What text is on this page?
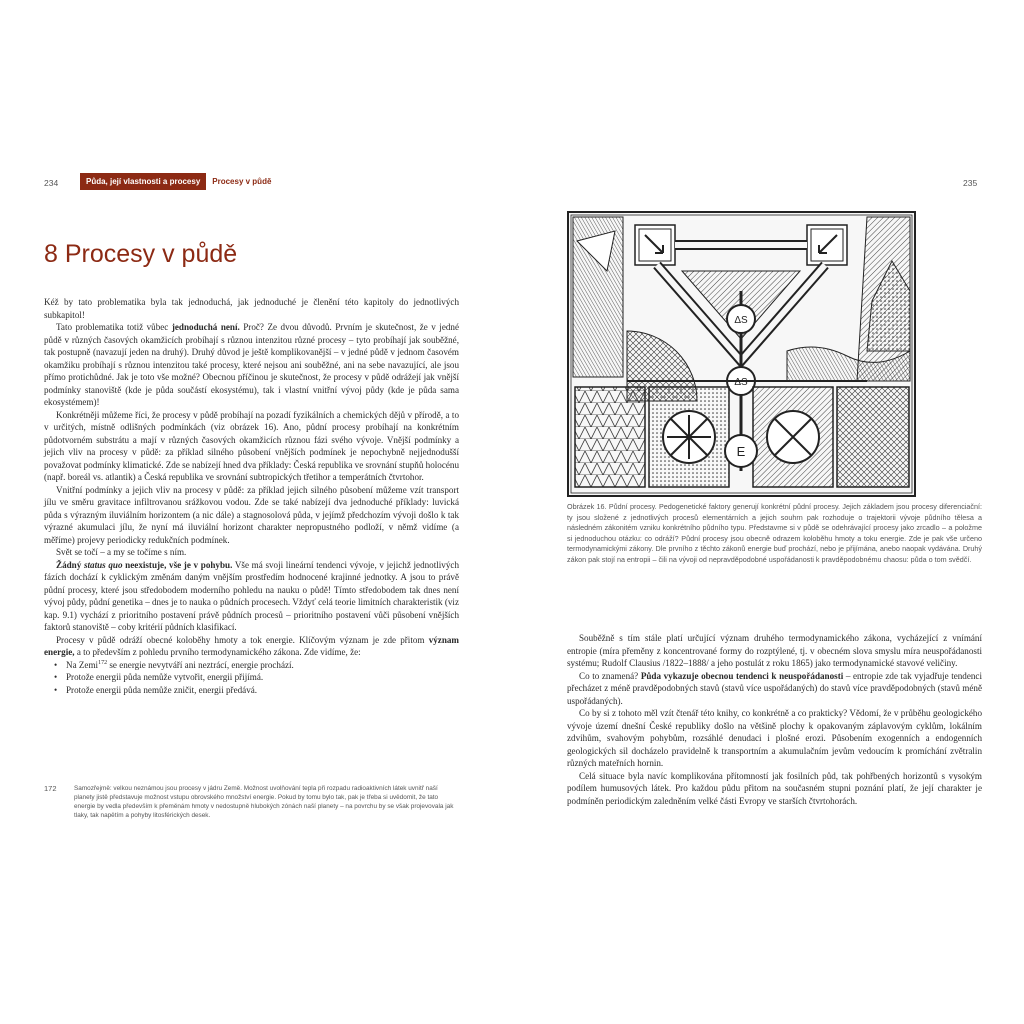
234	Půda, její vlastnosti a procesy	Procesy v půdě
8 Procesy v půdě

Kéž by tato problematika byla tak jednoduchá, jak jednoduché je členění této kapitoly do jednotlivých subkapitol!

Tato problematika totiž vůbec jednoduchá není. Proč? Ze dvou důvodů. Prvním je skutečnost, že v jedné půdě v různých časových okamžicích probíhají s různou intenzitou různé procesy – tyto probíhají jak souběžné, tak postupně (navazují jeden na druhý). Druhý důvod je ještě komplikovanější – v jedné půdě v jednom časovém okamžiku probíhají s různou intenzitou také procesy, které nejsou ani souběžné, ani na sebe navazující, ale jsou přímo protichůdné. Jak je toto vše možné? Obecnou příčinou je skutečnost, že procesy v půdě odrážejí jak vnější podmínky stanoviště (kde je půda součástí ekosystému), tak i vlastní vnitřní vývoj půdy (kde je půda sama ekosystémem)!

Konkrétněji můžeme říci, že procesy v půdě probíhají na pozadí fyzikálních a chemických dějů v přírodě, a to v určitých, místně odlišných podmínkách (viz obrázek 16). Ano, půdní procesy probíhají na konkrétním půdotvorném substrátu a mají v různých časových okamžicích různou fázi svého vývoje. Vnější podmínky a jejich vliv na procesy v půdě: za příklad silného působení vnějších podmínek je nepochybně nejjednodušší považovat podmínky klimatické. Zde se nabízejí hned dva příklady: Česká republika ve srovnání stupňů holocénu (např. boreál vs. atlantik) a Česká republika ve srovnání subtropických třetihor a temperátních čtvrtohor.

Vnitřní podmínky a jejich vliv na procesy v půdě: za příklad jejich silného působení můžeme vzít transport jílu ve směru gravitace infiltrovanou srážkovou vodou. Zde se také nabízejí dva jednoduché příklady: luvická půda s výrazným iluviálním horizontem (a nic dále) a stagnosolová půda, v jejímž předchozím vývoji došlo k tak výrazné akumulaci jílu, že nyní má iluviální horizont charakter nepropustného podloží, v němž vidíme (a měříme) projevy periodicky redukčních podmínek.

Svět se točí – a my se točíme s ním.

Žádný status quo neexistuje, vše je v pohybu. Vše má svoji lineární tendenci vývoje, v jejichž jednotlivých fázích dochází k cyklickým změnám daným vnějším prostředím hodnocené krajinné jednotky. A jsou to právě půdní procesy, které jsou středobodem moderního pohledu na nauku o půdě! Tímto středobodem tak dnes není vývoj půdy, půdní genetika – dnes je to nauka o půdních procesech. Vždyť celá teorie limitních charakteristik (viz kap. 9.1) vychází z prioritního postavení právě půdních procesů – prioritního postavení vůči působení vnějších faktorů stanoviště – coby kritérií půdních klasifikací.

Procesy v půdě odráží obecné koloběhy hmoty a tok energie. Klíčovým význam je zde přitom význam energie, a to především z pohledu prvního termodynamického zákona. Zde vidíme, že:

• Na Zemi$^{172}$ se energie nevytváří ani neztrácí, energie prochází.
• Protože energii půda nemůže vytvořit, energii přijímá.
• Protože energii půda nemůže zničit, energii předává.
172	Samozřejmě: velkou neznámou jsou procesy v jádru Země. Možnost uvolňování tepla při rozpadu radioaktivních látek uvnitř naší planety jistě představuje možnost vstupu obrovského množství energie. Pokud by tomu bylo tak, pak je třeba si uvědomit, že tato energie by vedla především k přeměnám hmoty v nedostupně hlubokých zónách naší planety – na povrchu by se však projevovala jak tlaky, tak napětím a pohyby litosférických desek.
235
ΔS
ΔS
E
Obrázek 16. Půdní procesy. Pedogenetické faktory generují konkrétní půdní procesy. Jejich základem jsou procesy diferenciační: ty jsou složené z jednotlivých procesů elementárních a jejich souhrn pak rozhoduje o trajektorii vývoje půdního tělesa a následném zákonitém vzniku konkrétního půdního typu. Představme si v půdě se odehrávající procesy jako zrcadlo – a položme si jednoduchou otázku: co odráží? Půdní procesy jsou obecně odrazem koloběhu hmoty a toku energie. Zde je pak vše určeno termodynamickými zákony. Dle prvního z těchto zákonů energie buď prochází, nebo je přijímána, anebo naopak vydávána. Druhý zákon pak stojí na entropii – čili na vývoji od nepravděpodobné uspořádanosti k pravděpodobnému chaosu: půda o tom svědčí.

Souběžně s tím stále platí určující význam druhého termodynamického zákona, vycházející z vnímání entropie (míra přeměny z koncentrované formy do rozptýlené, tj. v obecném slova smyslu míra neuspořádanosti systému; Rudolf Clausius /1822–1888/ a jeho postulát z roku 1865) jako termodynamické stavové veličiny.

Co to znamená? Půda vykazuje obecnou tendenci k neuspořádanosti – entropie zde tak vyjadřuje tendenci přecházet z méně pravděpodobných stavů (stavů více uspořádaných) do stavů více pravděpodobných (stavů méně uspořádaných).

Co by si z tohoto měl vzít čtenář této knihy, co konkrétně a co prakticky? Vědomí, že v průběhu geologického vývoje území dnešní České republiky došlo na většině plochy k opakovaným záplavovým cyklům, lokálním zdvihům, svahovým pohybům, rozsáhlé denudaci i plošné erozi. Působením exogenních a endogenních geologických sil docházelo pravidelně k transportním a akumulačním jevům vedoucím k promíchání zvětralin různých mateřních hornin.

Celá situace byla navíc komplikována přítomností jak fosilních půd, tak pohřbených horizontů s vysokým podílem humusových látek. Pro každou půdu přitom na současném stupni poznání platí, že její charakter je podmíněn periodickým zaledněním velké části Evropy ve starších čtvrtohorách.
